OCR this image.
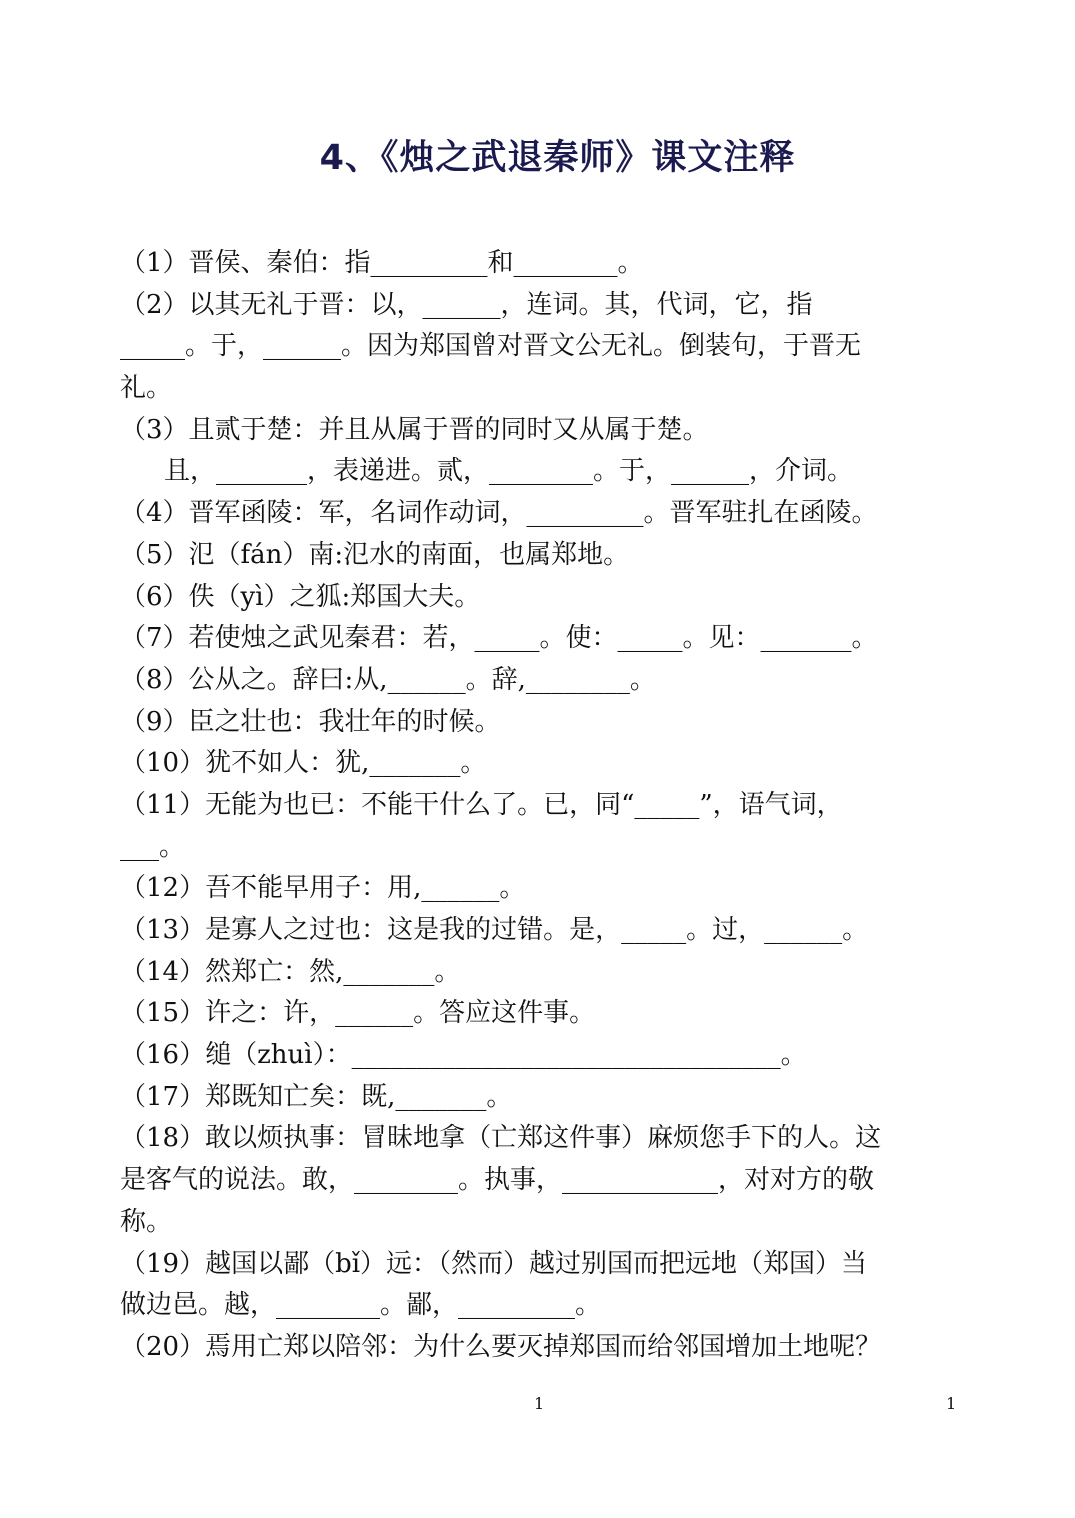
4、《烛之武退秦师》课文注释
（1）晋侯、秦伯：指_________和________。
（2）以其无礼于晋：以，______，连词。其，代词，它，指
_____。于，______。因为郑国曾对晋文公无礼。倒装句，于晋无
礼。
（3）且贰于楚：并且从属于晋的同时又从属于楚。
且，_______，表递进。贰，________。于，______，介词。
（4）晋军函陵：军，名词作动词，_________。晋军驻扎在函陵。
（5）氾（fán）南:氾水的南面，也属郑地。
（6）佚（yì）之狐:郑国大夫。
（7）若使烛之武见秦君：若，_____。使：_____。见：_______。
（8）公从之。辞曰:从,______。辞,________。
（9）臣之壮也：我壮年的时候。
（10）犹不如人：犹,_______。
（11）无能为也已：不能干什么了。已，同“_____”，语气词，
___。
（12）吾不能早用子：用,______。
（13）是寡人之过也：这是我的过错。是，_____。过，______。
（14）然郑亡：然,_______。
（15）许之：许，______。答应这件事。
（16）缒（zhuì）：_________________________________。
（17）郑既知亡矣：既,_______。
（18）敢以烦执事：冒昧地拿（亡郑这件事）麻烦您手下的人。这
是客气的说法。敢，________。执事，____________，对对方的敬
称。
（19）越国以鄙（bǐ）远：（然而）越过别国而把远地（郑国）当
做边邑。越，________。鄙，_________。
（20）焉用亡郑以陪邻：为什么要灭掉郑国而给邻国增加土地呢？
1	1
